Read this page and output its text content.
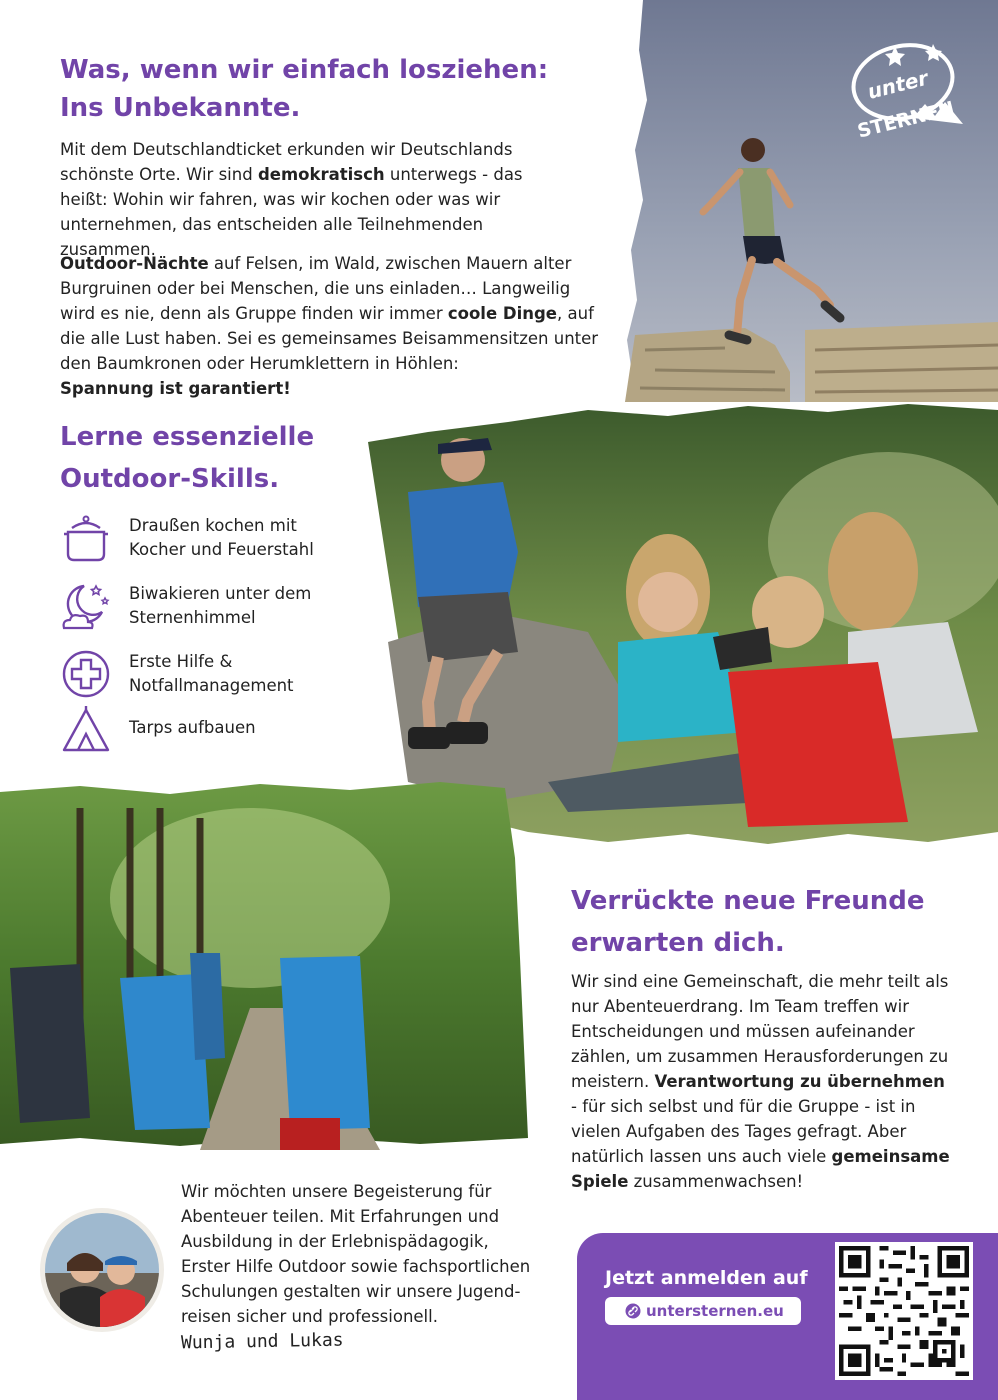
unter
STERNEN
Was, wenn wir einfach losziehen:
Ins Unbekannte.

Mit dem Deutschlandticket erkunden wir Deutschlands schönste Orte. Wir sind demokratisch unterwegs - das heißt: Wohin wir fahren, was wir kochen oder was wir unternehmen, das entscheiden alle Teilnehmenden zusammen.

Outdoor-Nächte auf Felsen, im Wald, zwischen Mauern alter Burgruinen oder bei Menschen, die uns einladen… Langweilig wird es nie, denn als Gruppe finden wir immer coole Dinge, auf die alle Lust haben. Sei es gemeinsames Beisammensitzen unter den Baumkronen oder Herumklettern in Höhlen:
Spannung ist garantiert!

Lerne essenzielle
Outdoor-Skills.
Draußen kochen mit
Kocher und Feuerstahl
Biwakieren unter dem
Sternenhimmel
Erste Hilfe &
Notfallmanagement
Tarps aufbauen
Verrückte neue Freunde
erwarten dich.

Wir sind eine Gemeinschaft, die mehr teilt als nur Abenteuerdrang. Im Team treffen wir Entscheidungen und müssen aufeinander zählen, um zusammen Herausforderungen zu meistern. Verantwortung zu übernehmen - für sich selbst und für die Gruppe - ist in vielen Aufgaben des Tages gefragt. Aber natürlich lassen uns auch viele gemeinsame Spiele zusammenwachsen!

Wir möchten unsere Begeisterung für Abenteuer teilen. Mit Erfahrungen und Ausbildung in der Erlebnispädagogik, Erster Hilfe Outdoor sowie fachsportlichen Schulungen gestalten wir unsere Jugend-reisen sicher und professionell.

Wunja und Lukas
Jetzt anmelden auf
untersternen.eu
